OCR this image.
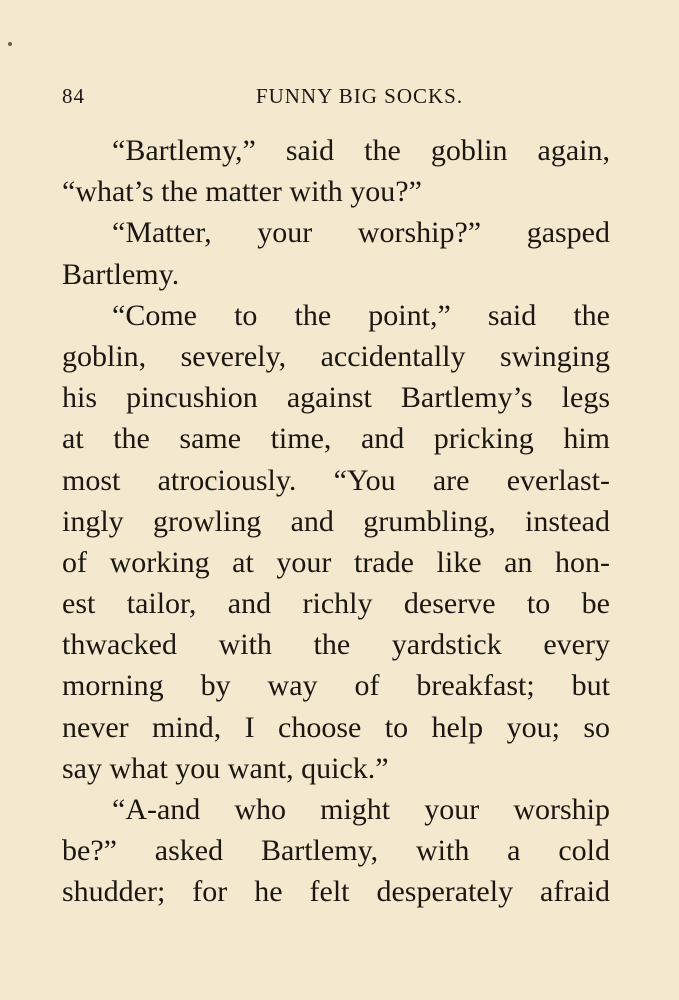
84	FUNNY BIG SOCKS.
“Bartlemy,” said the goblin again,
“what’s the matter with you?”
“Matter, your worship?” gasped
Bartlemy.
“Come to the point,” said the
goblin, severely, accidentally swinging
his pincushion against Bartlemy’s legs
at the same time, and pricking him
most atrociously. “You are everlast-
ingly growling and grumbling, instead
of working at your trade like an hon-
est tailor, and richly deserve to be
thwacked with the yardstick every
morning by way of breakfast; but
never mind, I choose to help you; so
say what you want, quick.”
“A-and who might your worship
be?” asked Bartlemy, with a cold
shudder; for he felt desperately afraid
